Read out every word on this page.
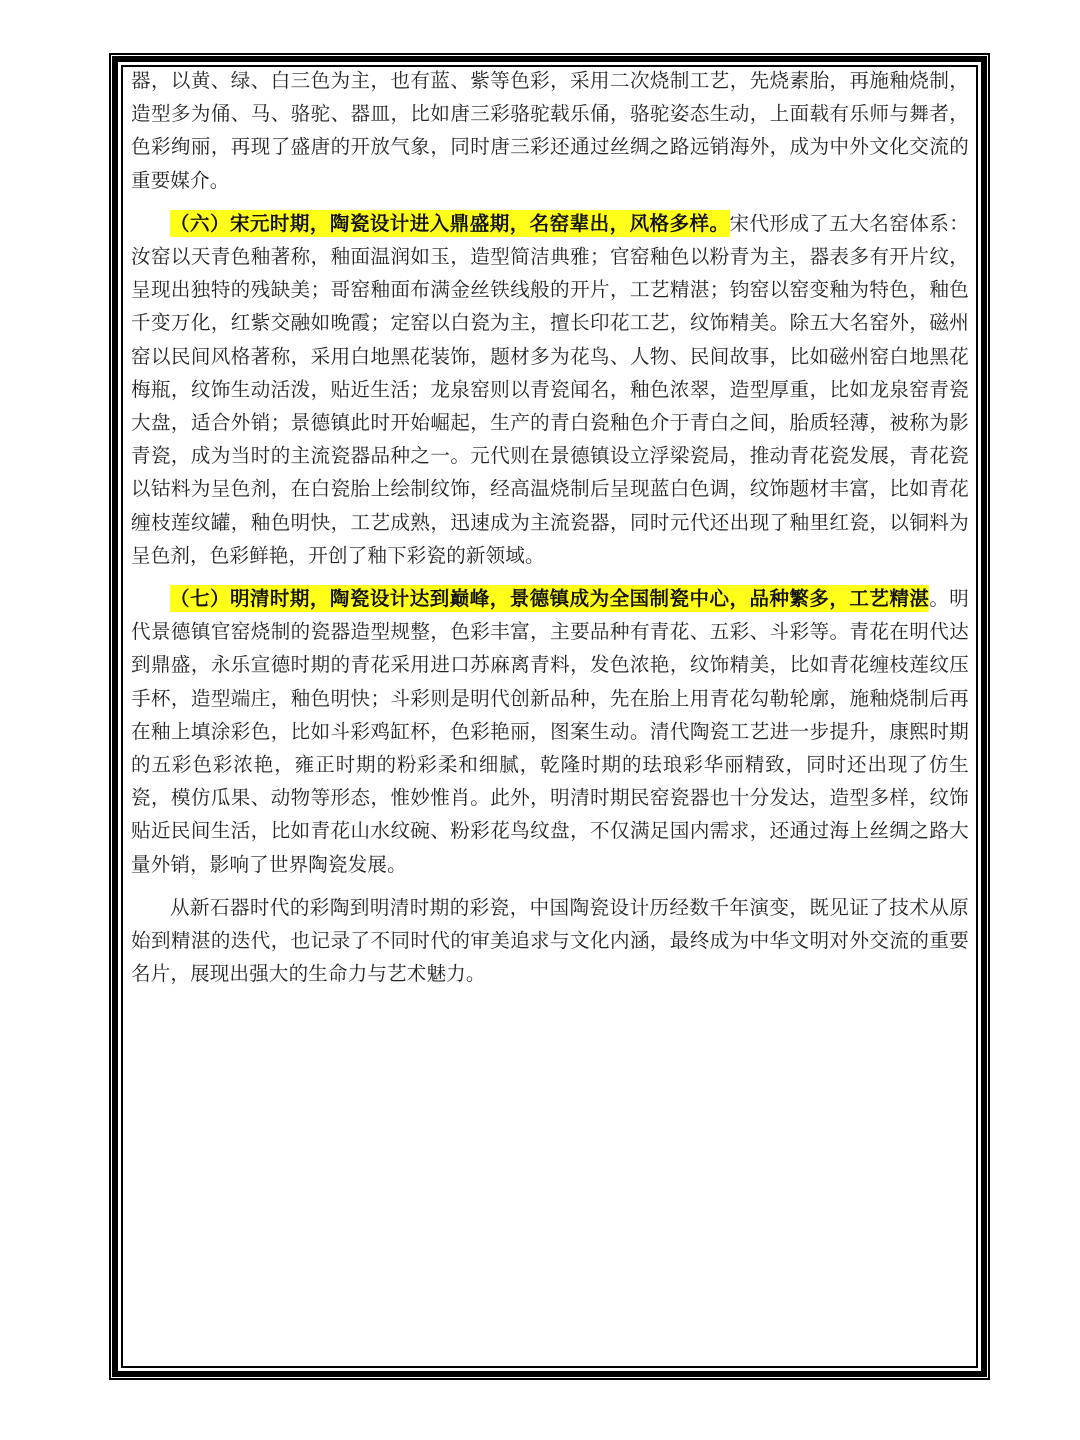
器，以黄、绿、白三色为主，也有蓝、紫等色彩，采用二次烧制工艺，先烧素胎，再施釉烧制，造型多为俑、马、骆驼、器皿，比如唐三彩骆驼载乐俑，骆驼姿态生动，上面载有乐师与舞者，色彩绚丽，再现了盛唐的开放气象，同时唐三彩还通过丝绸之路远销海外，成为中外文化交流的重要媒介。

（六）宋元时期，陶瓷设计进入鼎盛期，名窑辈出，风格多样。宋代形成了五大名窑体系：汝窑以天青色釉著称，釉面温润如玉，造型简洁典雅；官窑釉色以粉青为主，器表多有开片纹，呈现出独特的残缺美；哥窑釉面布满金丝铁线般的开片，工艺精湛；钧窑以窑变釉为特色，釉色千变万化，红紫交融如晚霞；定窑以白瓷为主，擅长印花工艺，纹饰精美。除五大名窑外，磁州窑以民间风格著称，采用白地黑花装饰，题材多为花鸟、人物、民间故事，比如磁州窑白地黑花梅瓶，纹饰生动活泼，贴近生活；龙泉窑则以青瓷闻名，釉色浓翠，造型厚重，比如龙泉窑青瓷大盘，适合外销；景德镇此时开始崛起，生产的青白瓷釉色介于青白之间，胎质轻薄，被称为影青瓷，成为当时的主流瓷器品种之一。元代则在景德镇设立浮梁瓷局，推动青花瓷发展，青花瓷以钴料为呈色剂，在白瓷胎上绘制纹饰，经高温烧制后呈现蓝白色调，纹饰题材丰富，比如青花缠枝莲纹罐，釉色明快，工艺成熟，迅速成为主流瓷器，同时元代还出现了釉里红瓷，以铜料为呈色剂，色彩鲜艳，开创了釉下彩瓷的新领域。

（七）明清时期，陶瓷设计达到巅峰，景德镇成为全国制瓷中心，品种繁多，工艺精湛。明代景德镇官窑烧制的瓷器造型规整，色彩丰富，主要品种有青花、五彩、斗彩等。青花在明代达到鼎盛，永乐宣德时期的青花采用进口苏麻离青料，发色浓艳，纹饰精美，比如青花缠枝莲纹压手杯，造型端庄，釉色明快；斗彩则是明代创新品种，先在胎上用青花勾勒轮廓，施釉烧制后再在釉上填涂彩色，比如斗彩鸡缸杯，色彩艳丽，图案生动。清代陶瓷工艺进一步提升，康熙时期的五彩色彩浓艳，雍正时期的粉彩柔和细腻，乾隆时期的珐琅彩华丽精致，同时还出现了仿生瓷，模仿瓜果、动物等形态，惟妙惟肖。此外，明清时期民窑瓷器也十分发达，造型多样，纹饰贴近民间生活，比如青花山水纹碗、粉彩花鸟纹盘，不仅满足国内需求，还通过海上丝绸之路大量外销，影响了世界陶瓷发展。

从新石器时代的彩陶到明清时期的彩瓷，中国陶瓷设计历经数千年演变，既见证了技术从原始到精湛的迭代，也记录了不同时代的审美追求与文化内涵，最终成为中华文明对外交流的重要名片，展现出强大的生命力与艺术魅力。
